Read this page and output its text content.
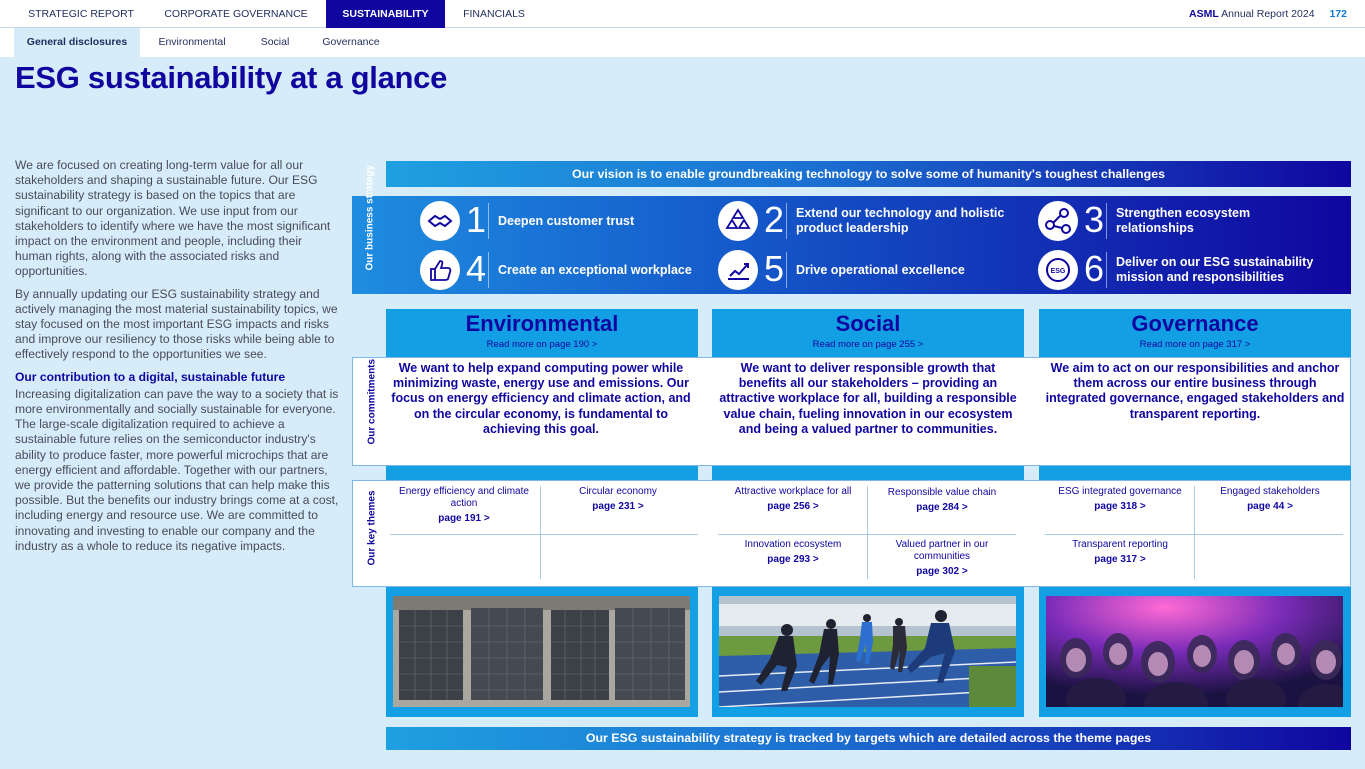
STRATEGIC REPORT	CORPORATE GOVERNANCE	SUSTAINABILITY	FINANCIALS	ASML Annual Report 2024 172
General disclosures	Environmental	Social	Governance
ESG sustainability at a glance

We are focused on creating long-term value for all our stakeholders and shaping a sustainable future. Our ESG sustainability strategy is based on the topics that are significant to our organization. We use input from our stakeholders to identify where we have the most significant impact on the environment and people, including their human rights, along with the associated risks and opportunities.

By annually updating our ESG sustainability strategy and actively managing the most material sustainability topics, we stay focused on the most important ESG impacts and risks and improve our resiliency to those risks while being able to effectively respond to the opportunities we see.

Our contribution to a digital, sustainable future

Increasing digitalization can pave the way to a society that is more environmentally and socially sustainable for everyone. The large-scale digitalization required to achieve a sustainable future relies on the semiconductor industry's ability to produce faster, more powerful microchips that are energy efficient and affordable. Together with our partners, we provide the patterning solutions that can help make this possible. But the benefits our industry brings come at a cost, including energy and resource use. We are committed to innovating and investing to enable our company and the industry as a whole to reduce its negative impacts.

Our vision is to enable groundbreaking technology to solve some of humanity's toughest challenges
Our business strategy	1 Deepen customer trust	2 Extend our technology and holistic product leadership	3 Strengthen ecosystem relationships
4 Create an exceptional workplace	5 Drive operational excellence	ESG 6 Deliver on our ESG sustainability mission and responsibilities
Environmental
Read more on page 190 >
Social
Read more on page 255 >
Governance
Read more on page 317 >
Our commitments	We want to help expand computing power while minimizing waste, energy use and emissions. Our focus on energy efficiency and climate action, and on the circular economy, is fundamental to achieving this goal.
We want to deliver responsible growth that benefits all our stakeholders – providing an attractive workplace for all, building a responsible value chain, fueling innovation in our ecosystem and being a valued partner to communities.
We aim to act on our responsibilities and anchor them across our entire business through integrated governance, engaged stakeholders and transparent reporting.
Our key themes	Energy efficiency and climate action
page 191 >
Circular economy
page 231 >
Attractive workplace for all
page 256 >
Responsible value chain
page 284 >
Innovation ecosystem
page 293 >
Valued partner in our communities
page 302 >
ESG integrated governance
page 318 >
Engaged stakeholders
page 44 >
Transparent reporting
page 317 >
Our ESG sustainability strategy is tracked by targets which are detailed across the theme pages
